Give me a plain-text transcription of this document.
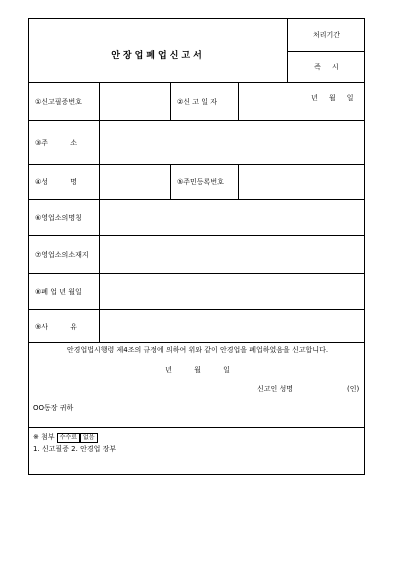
안장업폐업신고서
처리기간
즉     시
①신고필증번호	②신 고 일 자	년     월     일
③주          소
④성          명	⑤주민등록번호
⑥영업소의명칭
⑦영업소의소재지
⑧폐 업 년 월일
⑨사          유
안경업법시행령 제4조의 규정에 의하여 위와 같이 안경업을 폐업하였음을 신고합니다.
년          월          일
신고인 성명	(인)
OO동장 귀하
※ 첨부 수수료 없음
1. 신고필증 2. 안경업 장부
